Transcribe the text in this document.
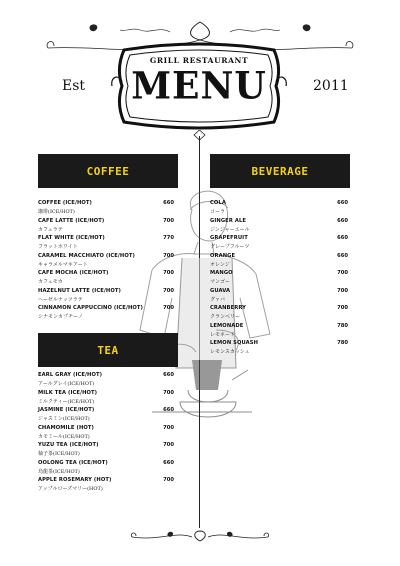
GRILL RESTAURANT
MENU
Est	2011
COFFEE
COFFEE (ICE/HOT)
珈琲(ICE/HOT)
660
CAFE LATTE (ICE/HOT)
カフェラテ
700
FLAT WHITE (ICE/HOT)
フラットホワイト
770
CARAMEL MACCHIATO (ICE/HOT)
キャラメルマキアート
700
CAFE MOCHA (ICE/HOT)
カフェモカ
700
HAZELNUT LATTE (ICE/HOT)
ヘーゼルナッツラテ
700
CINNAMON CAPPUCCINO (ICE/HOT)
シナモンカプチーノ
700
TEA
EARL GRAY (ICE/HOT)
アールグレイ(ICE/HOT)
660
MILK TEA (ICE/HOT)
ミルクティー(ICE/HOT)
700
JASMINE (ICE/HOT)
ジャスミン(ICE/HOT)
660
CHAMOMILE (HOT)
カモミール(ICE/HOT)
700
YUZU TEA (ICE/HOT)
柚子茶(ICE/HOT)
700
OOLONG TEA (ICE/HOT)
烏龍茶(ICE/HOT)
660
APPLE ROSEMARY (HOT)
アップルローズマリー(HOT)
700
BEVERAGE
COLA
コーラ
660
GINGER ALE
ジンジャーエール
660
GRAPEFRUIT
グレープフルーツ
660
ORANGE
オレンジ
660
MANGO
マンゴー
700
GUAVA
グァバ
700
CRANBERRY
クランベリー
700
LEMONADE
レモネード
780
LEMON SQUASH
レモンスカッシュ
780
